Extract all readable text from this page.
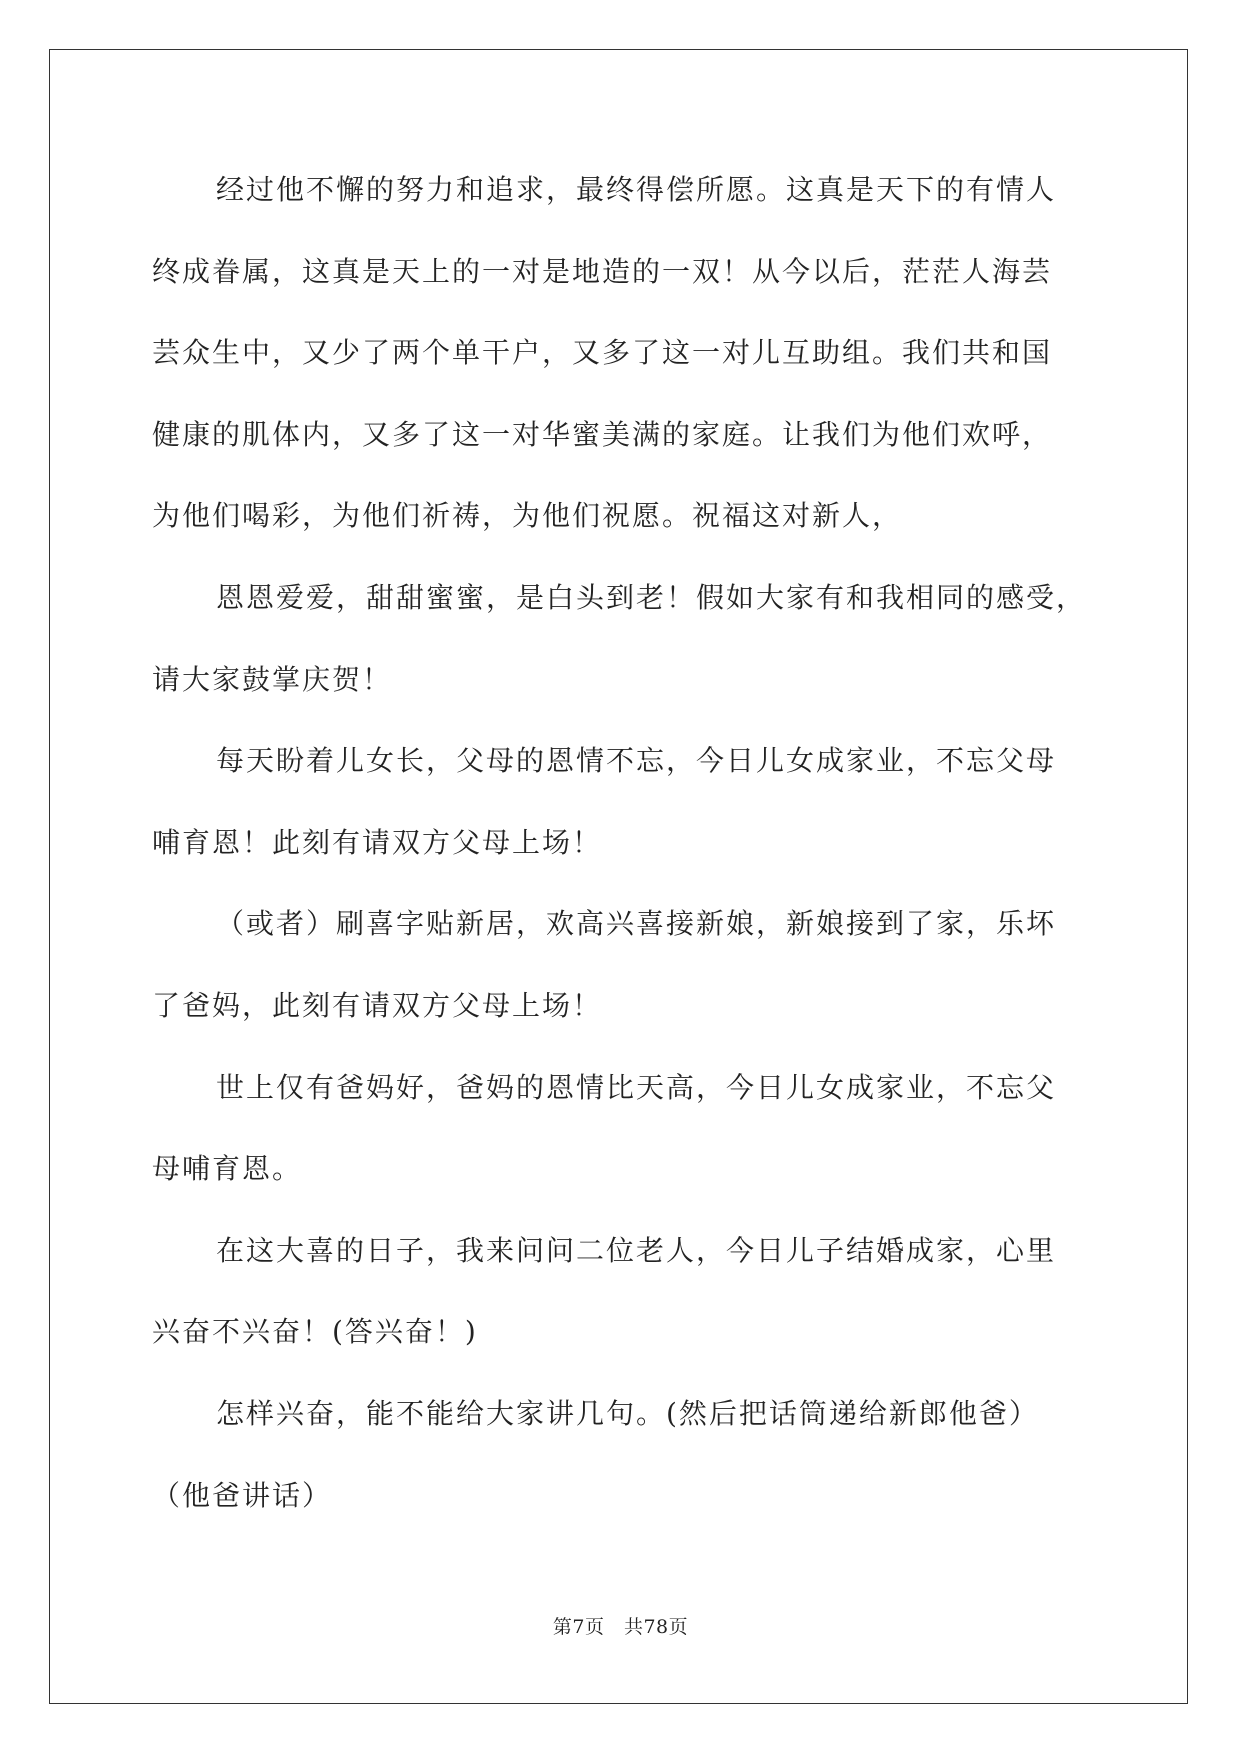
经过他不懈的努力和追求，最终得偿所愿。这真是天下的有情人
终成眷属，这真是天上的一对是地造的一双！从今以后，茫茫人海芸
芸众生中，又少了两个单干户，又多了这一对儿互助组。我们共和国
健康的肌体内，又多了这一对华蜜美满的家庭。让我们为他们欢呼，
为他们喝彩，为他们祈祷，为他们祝愿。祝福这对新人，
恩恩爱爱，甜甜蜜蜜，是白头到老！假如大家有和我相同的感受，
请大家鼓掌庆贺！
每天盼着儿女长，父母的恩情不忘，今日儿女成家业，不忘父母
哺育恩！此刻有请双方父母上场！
（或者）刷喜字贴新居，欢高兴喜接新娘，新娘接到了家，乐坏
了爸妈，此刻有请双方父母上场！
世上仅有爸妈好，爸妈的恩情比天高，今日儿女成家业，不忘父
母哺育恩。
在这大喜的日子，我来问问二位老人，今日儿子结婚成家，心里
兴奋不兴奋！(答兴奋！)
怎样兴奋，能不能给大家讲几句。(然后把话筒递给新郎他爸）
（他爸讲话）
第7页　共78页
